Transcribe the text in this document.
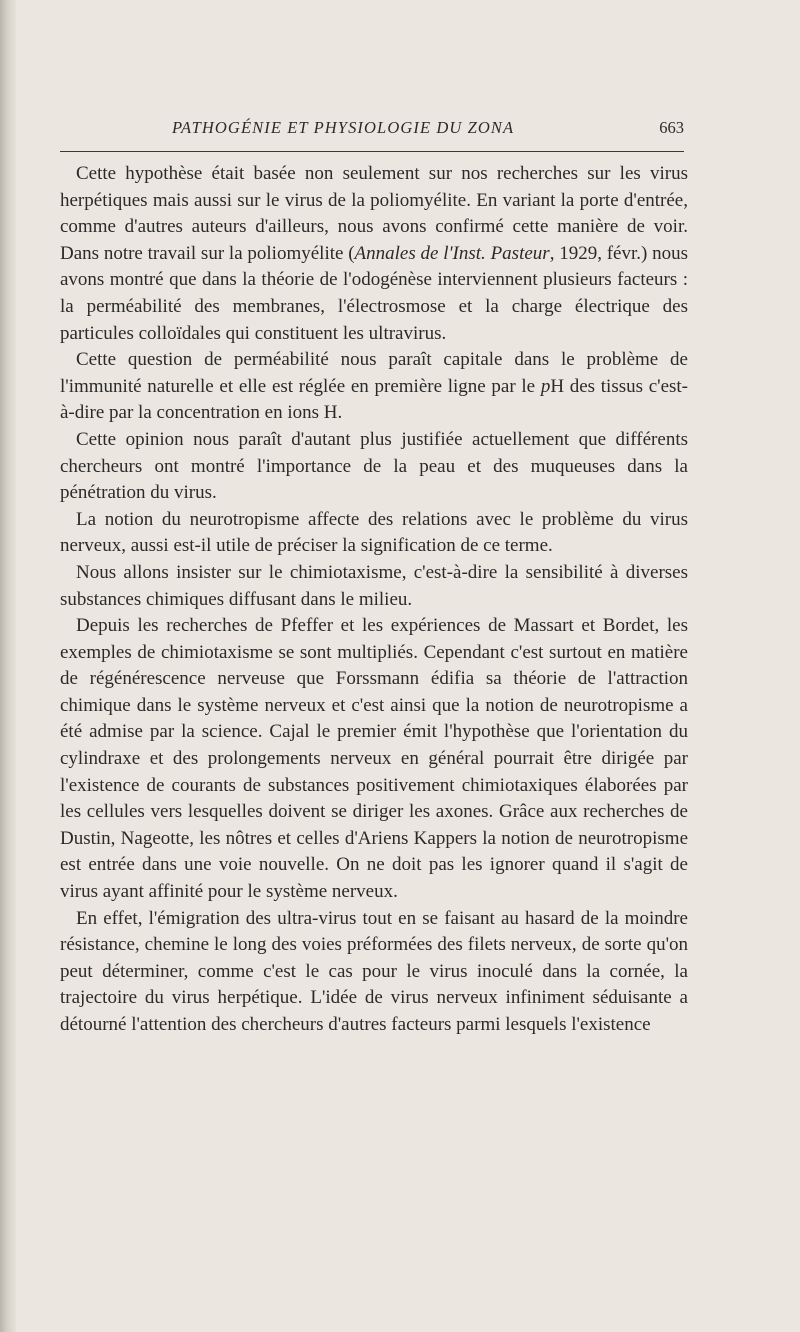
PATHOGÉNIE ET PHYSIOLOGIE DU ZONA	663

Cette hypothèse était basée non seulement sur nos recherches sur les virus herpétiques mais aussi sur le virus de la poliomyélite. En variant la porte d'entrée, comme d'autres auteurs d'ailleurs, nous avons confirmé cette manière de voir. Dans notre travail sur la poliomyélite (Annales de l'Inst. Pasteur, 1929, févr.) nous avons montré que dans la théorie de l'odogénèse interviennent plusieurs facteurs : la perméabilité des membranes, l'électrosmose et la charge électrique des particules colloïdales qui constituent les ultravirus.

Cette question de perméabilité nous paraît capitale dans le problème de l'immunité naturelle et elle est réglée en première ligne par le pH des tissus c'est-à-dire par la concentration en ions H.

Cette opinion nous paraît d'autant plus justifiée actuellement que différents chercheurs ont montré l'importance de la peau et des muqueuses dans la pénétration du virus.

La notion du neurotropisme affecte des relations avec le problème du virus nerveux, aussi est-il utile de préciser la signification de ce terme.

Nous allons insister sur le chimiotaxisme, c'est-à-dire la sensibilité à diverses substances chimiques diffusant dans le milieu.

Depuis les recherches de Pfeffer et les expériences de Massart et Bordet, les exemples de chimiotaxisme se sont multipliés. Cependant c'est surtout en matière de régénérescence nerveuse que Forssmann édifia sa théorie de l'attraction chimique dans le système nerveux et c'est ainsi que la notion de neurotropisme a été admise par la science. Cajal le premier émit l'hypothèse que l'orientation du cylindraxe et des prolongements nerveux en général pourrait être dirigée par l'existence de courants de substances positivement chimiotaxiques élaborées par les cellules vers lesquelles doivent se diriger les axones. Grâce aux recherches de Dustin, Nageotte, les nôtres et celles d'Ariens Kappers la notion de neurotropisme est entrée dans une voie nouvelle. On ne doit pas les ignorer quand il s'agit de virus ayant affinité pour le système nerveux.

En effet, l'émigration des ultra-virus tout en se faisant au hasard de la moindre résistance, chemine le long des voies préformées des filets nerveux, de sorte qu'on peut déterminer, comme c'est le cas pour le virus inoculé dans la cornée, la trajectoire du virus herpétique. L'idée de virus nerveux infiniment séduisante a détourné l'attention des chercheurs d'autres facteurs parmi lesquels l'existence
